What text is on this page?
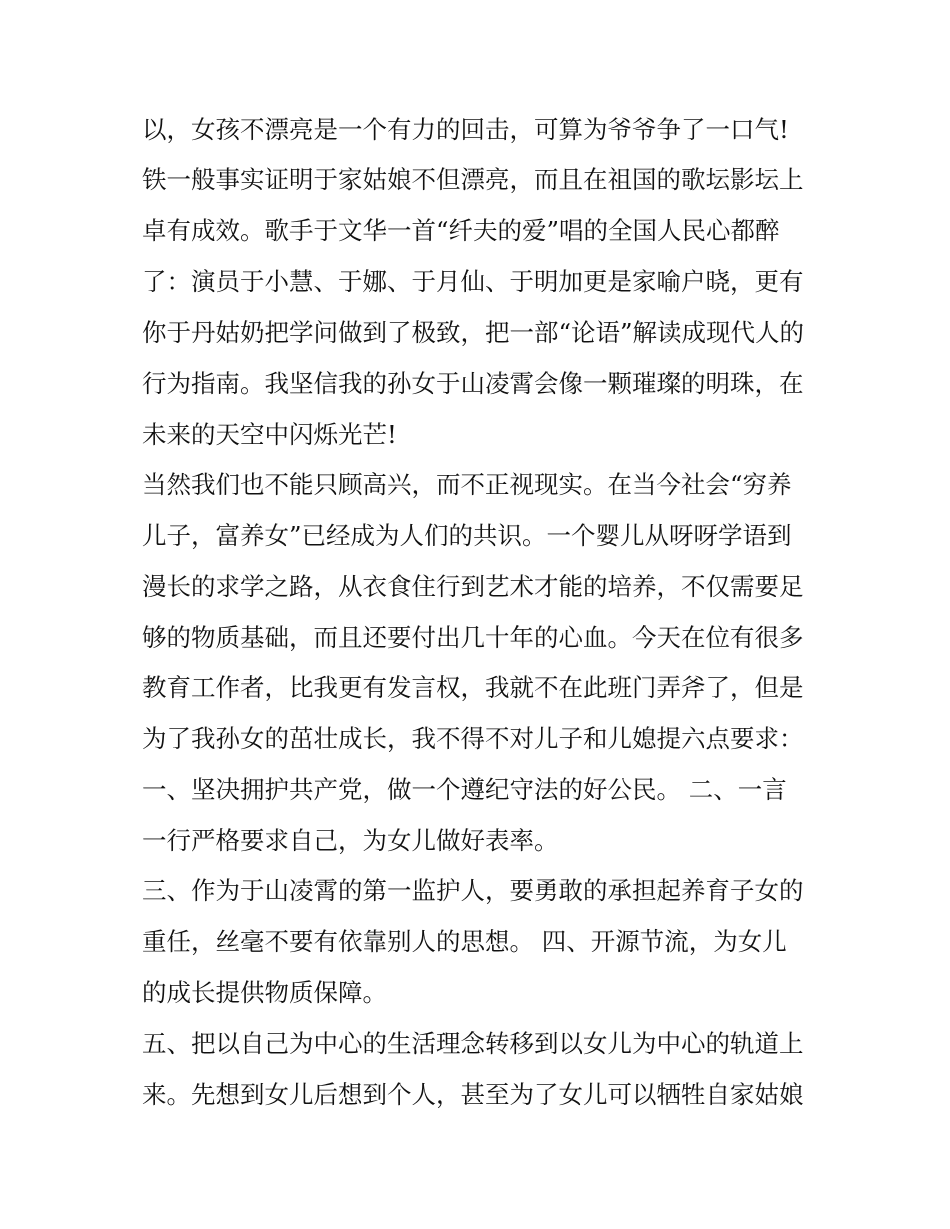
以，女孩不漂亮是一个有力的回击，可算为爷爷争了一口气!
铁一般事实证明于家姑娘不但漂亮，而且在祖国的歌坛影坛上
卓有成效。歌手于文华一首“纤夫的爱”唱的全国人民心都醉
了：演员于小慧、于娜、于月仙、于明加更是家喻户晓，更有
你于丹姑奶把学问做到了极致，把一部“论语”解读成现代人的
行为指南。我坚信我的孙女于山凌霄会像一颗璀璨的明珠，在
未来的天空中闪烁光芒!
当然我们也不能只顾高兴，而不正视现实。在当今社会“穷养
儿子，富养女”已经成为人们的共识。一个婴儿从呀呀学语到
漫长的求学之路，从衣食住行到艺术才能的培养，不仅需要足
够的物质基础，而且还要付出几十年的心血。今天在位有很多
教育工作者，比我更有发言权，我就不在此班门弄斧了，但是
为了我孙女的茁壮成长，我不得不对儿子和儿媳提六点要求：
一、坚决拥护共产党，做一个遵纪守法的好公民。 二、一言
一行严格要求自己，为女儿做好表率。
三、作为于山凌霄的第一监护人，要勇敢的承担起养育子女的
重任，丝毫不要有依靠别人的思想。 四、开源节流，为女儿
的成长提供物质保障。
五、把以自己为中心的生活理念转移到以女儿为中心的轨道上
来。先想到女儿后想到个人，甚至为了女儿可以牺牲自家姑娘
